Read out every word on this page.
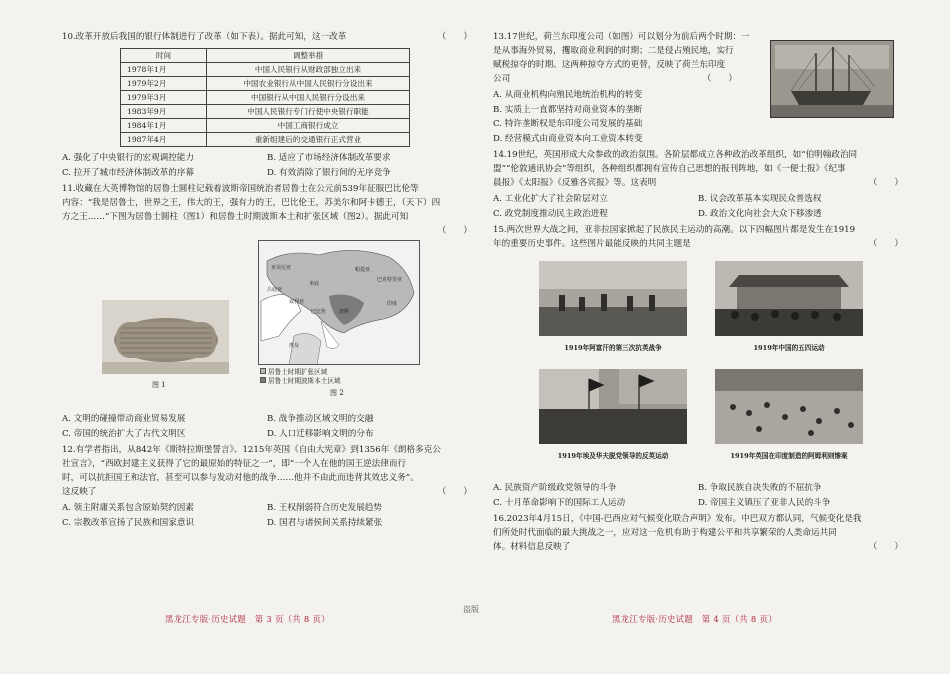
10.改革开放后我国的银行体制进行了改革（如下表）。据此可知，这一改革	（　　）
时间	调整举措
1978年1月	中国人民银行从财政部独立出来
1979年2月	中国农业银行从中国人民银行分设出来
1979年3月	中国银行从中国人民银行分设出来
1983年9月	中国人民银行专门行使中央银行职能
1984年1月	中国工商银行成立
1987年4月	重新组建后的交通银行正式营业
A. 强化了中央银行的宏观调控能力	B. 适应了市场经济体制改革要求
C. 拉开了城市经济体制改革的序幕	D. 有效消除了银行间的无序竞争
11.收藏在大英博物馆的居鲁士圆柱记载着波斯帝国统治者居鲁士在公元前539年征服巴比伦等
内容：“我是居鲁士，世界之王，伟大的王，强有力的王，巴比伦王，苏美尔和阿卡德王，（天下）四
方之王……”下图为居鲁士圆柱（图1）和居鲁士时期波斯本土和扩张区域（图2）。据此可知
（　　）
图 1
亚美尼亚
米底
吕底亚
叙利亚
巴比伦
埃及
波斯
帕提亚
巴克特里亚
印度
居鲁士时期扩张区域
居鲁士时期波斯本土区域
图 2
A. 文明的碰撞带动商业贸易发展	B. 战争推动区域文明的交融
C. 帝国的统治扩大了古代文明区	D. 人口迁移影响文明的分布
12.有学者指出，从842年《斯特拉斯堡誓言》、1215年英国《自由大宪章》到1356年《朗格多克公
社宣言》，“西欧封建主义获得了它的最原始的特征之一”，即“一个人在他的国王逆法律而行
时，可以抗拒国王和法官，甚至可以参与发动对他的战争……他并不由此而违背其效忠义务”。
这反映了	（　　）
A. 领主附庸关系包含原始契约因素	B. 王权削弱符合历史发展趋势
C. 宗教改革宣扬了民族和国家意识	D. 国君与诸侯间关系持续紧张
黑龙江专版·历史试题　第 3 页（共 8 页）
盗版
13.17世纪，荷兰东印度公司（如图）可以划分为前后两个时期：一
是从事海外贸易，攫取商业利润的时期；二是侵占殖民地，实行
赋税掠夺的时期。这两种掠夺方式的更替，反映了荷兰东印度
公司	（　　）
A. 从商业机构向殖民地统治机构的转变
B. 实质上一直都坚持对商业资本的垄断
C. 特许垄断权是东印度公司发展的基础
D. 经营模式由商业资本向工业资本转变
14.19世纪，英国形成大众参政的政治氛围。各阶层都成立各种政治改革组织，如“伯明翰政治同
盟”“伦敦通讯协会”等组织，各种组织都拥有宣传自己思想的报刊阵地，如《一便士报》《纪事
晨报》《太阳报》《反雅各宾报》等。这表明	（　　）
A. 工业化扩大了社会阶层对立	B. 议会改革基本实现民众普选权
C. 政党制度推动民主政治进程	D. 政治文化向社会大众下移渗透
15.两次世界大战之间，亚非拉国家掀起了民族民主运动的高潮。以下四幅图片都是发生在1919
年的重要历史事件。这些图片最能反映的共同主题是	（　　）
1919年阿富汗的第三次抗英战争	1919年中国的五四运动
1919年埃及华夫脱党领导的反英运动	1919年英国在印度制造的阿姆利则惨案
A. 民族资产阶级政党领导的斗争	B. 争取民族自决失败的不屈抗争
C. 十月革命影响下的国际工人运动	D. 帝国主义镇压了亚非人民的斗争
16.2023年4月15日，《中国-巴西应对气候变化联合声明》发布。中巴双方都认同，气候变化是我
们所处时代面临的最大挑战之一，应对这一危机有助于构建公平和共享繁荣的人类命运共同
体。材料信息反映了	（　　）
黑龙江专版·历史试题　第 4 页（共 8 页）
